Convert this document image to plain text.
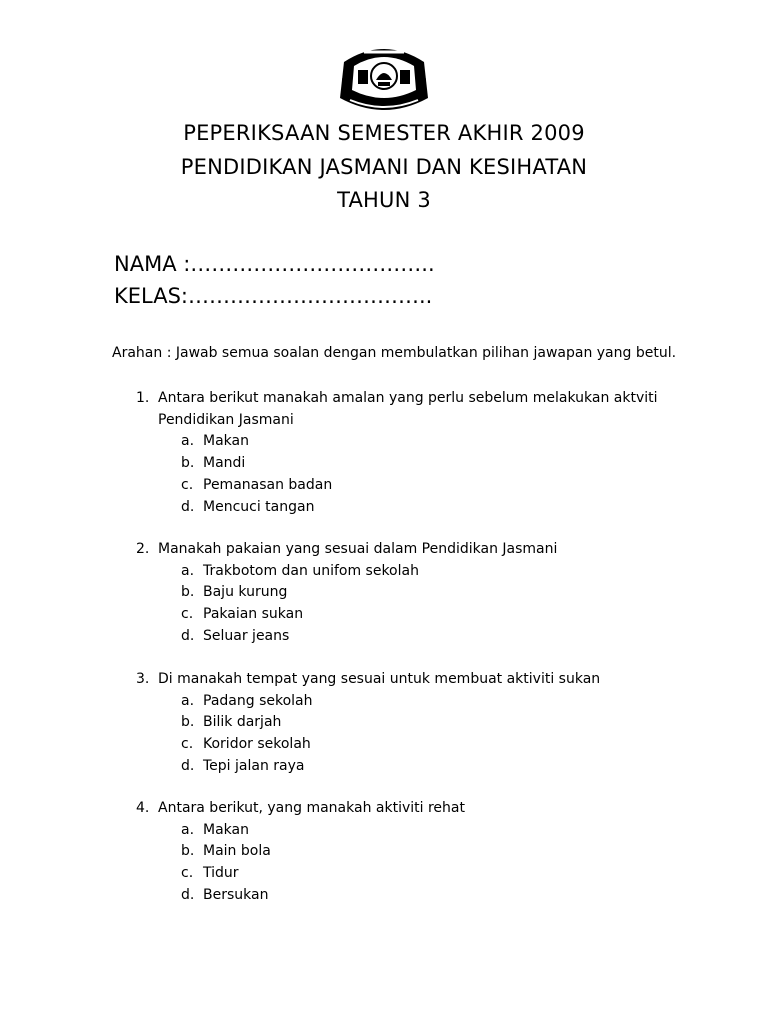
PEPERIKSAAN SEMESTER AKHIR 2009
PENDIDIKAN JASMANI DAN KESIHATAN
TAHUN 3
NAMA :……………………………..
KELAS:……………………………..
Arahan : Jawab semua soalan dengan membulatkan pilihan jawapan yang betul.
1. Antara berikut manakah amalan yang perlu sebelum melakukan aktviti Pendidikan Jasmani
a. Makan
b. Mandi
c. Pemanasan badan
d. Mencuci tangan
2. Manakah pakaian yang sesuai dalam Pendidikan Jasmani
a. Trakbotom dan unifom sekolah
b. Baju kurung
c. Pakaian sukan
d. Seluar jeans
3. Di manakah tempat yang sesuai untuk membuat aktiviti sukan
a. Padang sekolah
b. Bilik darjah
c. Koridor sekolah
d. Tepi jalan raya
4. Antara berikut, yang manakah aktiviti rehat
a. Makan
b. Main bola
c. Tidur
d. Bersukan
